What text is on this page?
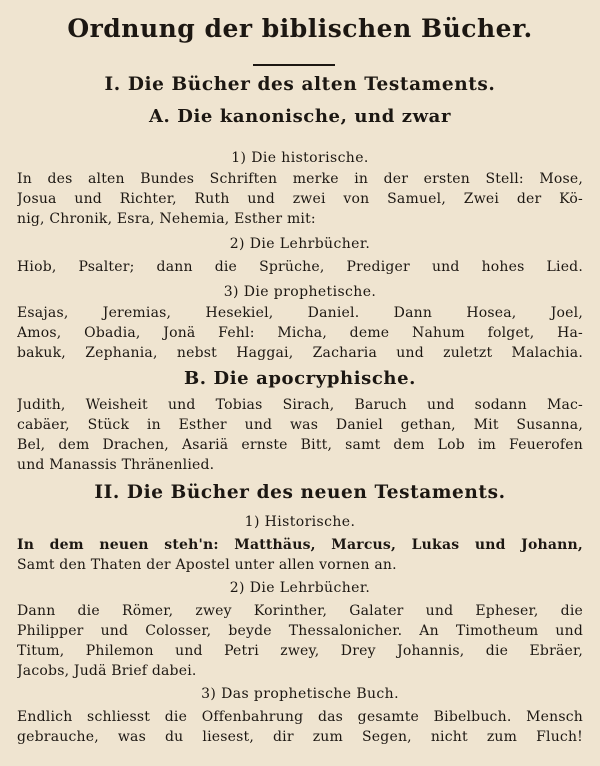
Ordnung der biblischen Bücher.
I. Die Bücher des alten Testaments.
A. Die kanonische, und zwar
1) Die historische.
In des alten Bundes Schriften merke in der ersten Stell: Mose,
Josua und Richter, Ruth und zwei von Samuel, Zwei der Kö-
nig, Chronik, Esra, Nehemia, Esther mit:
2) Die Lehrbücher.
Hiob, Psalter; dann die Sprüche, Prediger und hohes Lied.
3) Die prophetische.
Esajas, Jeremias, Hesekiel, Daniel. Dann Hosea, Joel,
Amos, Obadia, Jonä Fehl: Micha, deme Nahum folget, Ha-
bakuk, Zephania, nebst Haggai, Zacharia und zuletzt Malachia.
B. Die apocryphische.
Judith, Weisheit und Tobias Sirach, Baruch und sodann Mac-
cabäer, Stück in Esther und was Daniel gethan, Mit Susanna,
Bel, dem Drachen, Asariä ernste Bitt, samt dem Lob im Feuerofen
und Manassis Thränenlied.
II. Die Bücher des neuen Testaments.
1) Historische.
In dem neuen steh'n: Matthäus, Marcus, Lukas und Johann,
Samt den Thaten der Apostel unter allen vornen an.
2) Die Lehrbücher.
Dann die Römer, zwey Korinther, Galater und Epheser, die
Philipper und Colosser, beyde Thessalonicher. An Timotheum und
Titum, Philemon und Petri zwey, Drey Johannis, die Ebräer,
Jacobs, Judä Brief dabei.
3) Das prophetische Buch.
Endlich schliesst die Offenbahrung das gesamte Bibelbuch. Mensch
gebrauche, was du liesest, dir zum Segen, nicht zum Fluch!
